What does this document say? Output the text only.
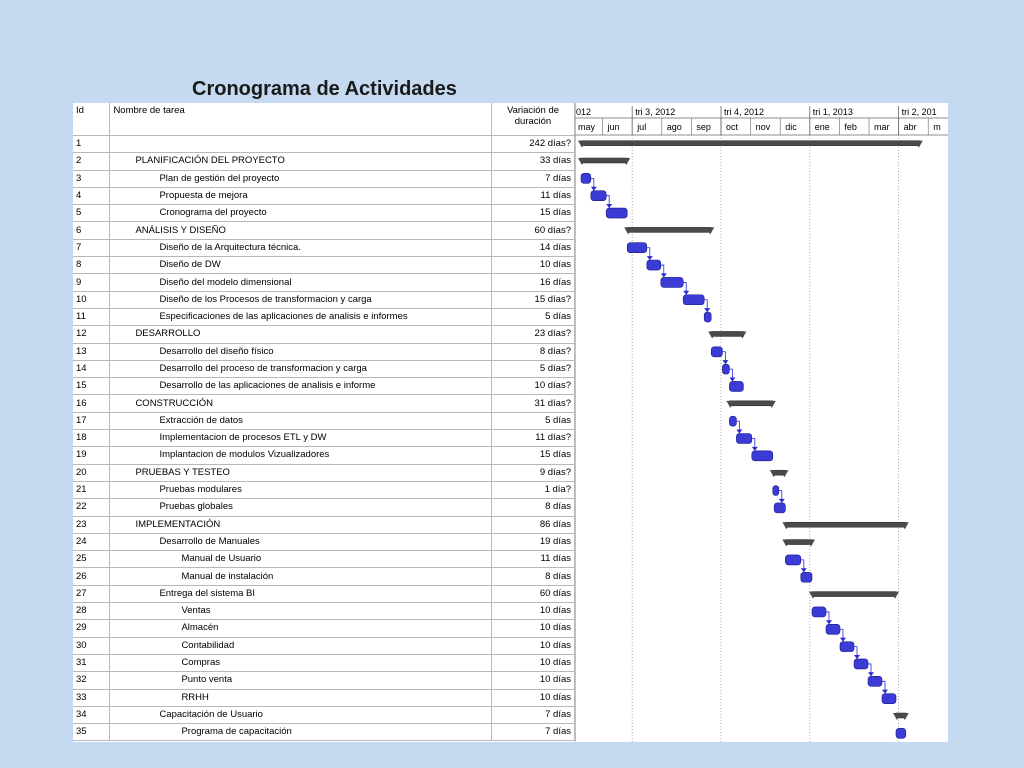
Cronograma de Actividades
Id	Nombre de tarea	Variación de duración
1		242 días?
2	PLANIFICACIÓN DEL PROYECTO	33 días
3	Plan de gestión del proyecto	7 días
4	Propuesta de mejora	11 días
5	Cronograma del proyecto	15 días
6	ANÁLISIS Y DISEÑO	60 días?
7	Diseño de la Arquitectura técnica.	14 días
8	Diseño de DW	10 días
9	Diseño del modelo dimensional	16 días
10	Diseño de los Procesos de transformacion y carga	15 días?
11	Especificaciones de las aplicaciones de analisis e informes	5 días
12	DESARROLLO	23 días?
13	Desarrollo del diseño físico	8 días?
14	Desarrollo del proceso de transformacion y carga	5 días?
15	Desarrollo de las aplicaciones de analisis e informe	10 días?
16	CONSTRUCCIÓN	31 días?
17	Extracción de datos	5 días
18	Implementacion de procesos ETL y DW	11 días?
19	Implantacion de modulos Vizualizadores	15 días
20	PRUEBAS Y TESTEO	9 días?
21	Pruebas modulares	1 día?
22	Pruebas globales	8 días
23	IMPLEMENTACIÓN	86 días
24	Desarrollo de Manuales	19 días
25	Manual de Usuario	11 días
26	Manual de instalación	8 días
27	Entrega del sistema BI	60 días
28	Ventas	10 días
29	Almacén	10 días
30	Contabilidad	10 días
31	Compras	10 días
32	Punto venta	10 días
33	RRHH	10 días
34	Capacitación de Usuario	7 días
35	Programa de capacitación	7 días
012	tri 3, 2012	tri 4, 2012	tri 1, 2013	tri 2, 201
may jun jul ago sep oct nov dic ene feb mar abr m
